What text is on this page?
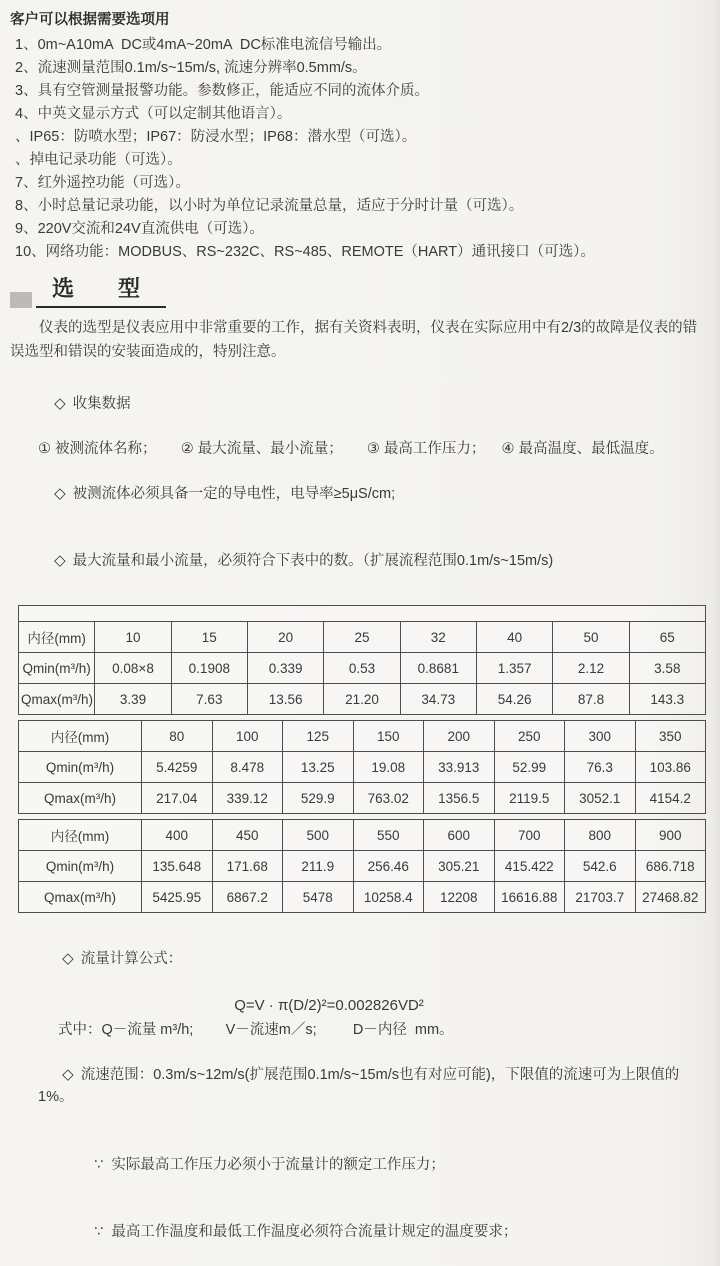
客户可以根据需要选项用
1、0m~A10mA  DC或4mA~20mA  DC标准电流信号输出。
2、流速测量范围0.1m/s~15m/s, 流速分辨率0.5mm/s。
3、具有空管测量报警功能。参数修正，能适应不同的流体介质。
4、中英文显示方式（可以定制其他语言）。
、IP65：防喷水型；IP67：防浸水型；IP68：潜水型（可选）。
、掉电记录功能（可选）。
7、红外遥控功能（可选）。
8、小时总量记录功能，以小时为单位记录流量总量，适应于分时计量（可选）。
9、220V交流和24V直流供电（可选）。
10、网络功能：MODBUS、RS~232C、RS~485、REMOTE（HART）通讯接口（可选）。
选　　型
仪表的选型是仪表应用中非常重要的工作，据有关资料表明，仪表在实际应用中有2/3的故障是仪表的错误选型和错误的安装面造成的，特别注意。

◇ 收集数据

① 被测流体名称；      ② 最大流量、最小流量；      ③ 最高工作压力；    ④ 最高温度、最低温度。

◇ 被测流体必须具备一定的导电性，电导率≥5μS/cm;

◇ 最大流量和最小流量，必须符合下表中的数。（扩展流程范围0.1m/s~15m/s)

内径(mm)	10	15	20	25	32	40	50	65
Qmin(m³/h)	0.08×8	0.1908	0.339	0.53	0.8681	1.357	2.12	3.58
Qmax(m³/h)	3.39	7.63	13.56	21.20	34.73	54.26	87.8	143.3
内径(mm)	80	100	125	150	200	250	300	350
Qmin(m³/h)	5.4259	8.478	13.25	19.08	33.913	52.99	76.3	103.86
Qmax(m³/h)	217.04	339.12	529.9	763.02	1356.5	2119.5	3052.1	4154.2
内径(mm)	400	450	500	550	600	700	800	900
Qmin(m³/h)	135.648	171.68	211.9	256.46	305.21	415.422	542.6	686.718
Qmax(m³/h)	5425.95	6867.2	5478	10258.4	12208	16616.88	21703.7	27468.82

◇ 流量计算公式：

Q=V · π(D/2)²=0.002826VD²
式中：Q－流量 m³/h;        V－流速m／s;         D－内径  mm。

◇ 流速范围：0.3m/s~12m/s(扩展范围0.1m/s~15m/s也有对应可能)，下限值的流速可为上限值的1%。

∵ 实际最高工作压力必须小于流量计的额定工作压力；

∵ 最高工作温度和最低工作温度必须符合流量计规定的温度要求；
